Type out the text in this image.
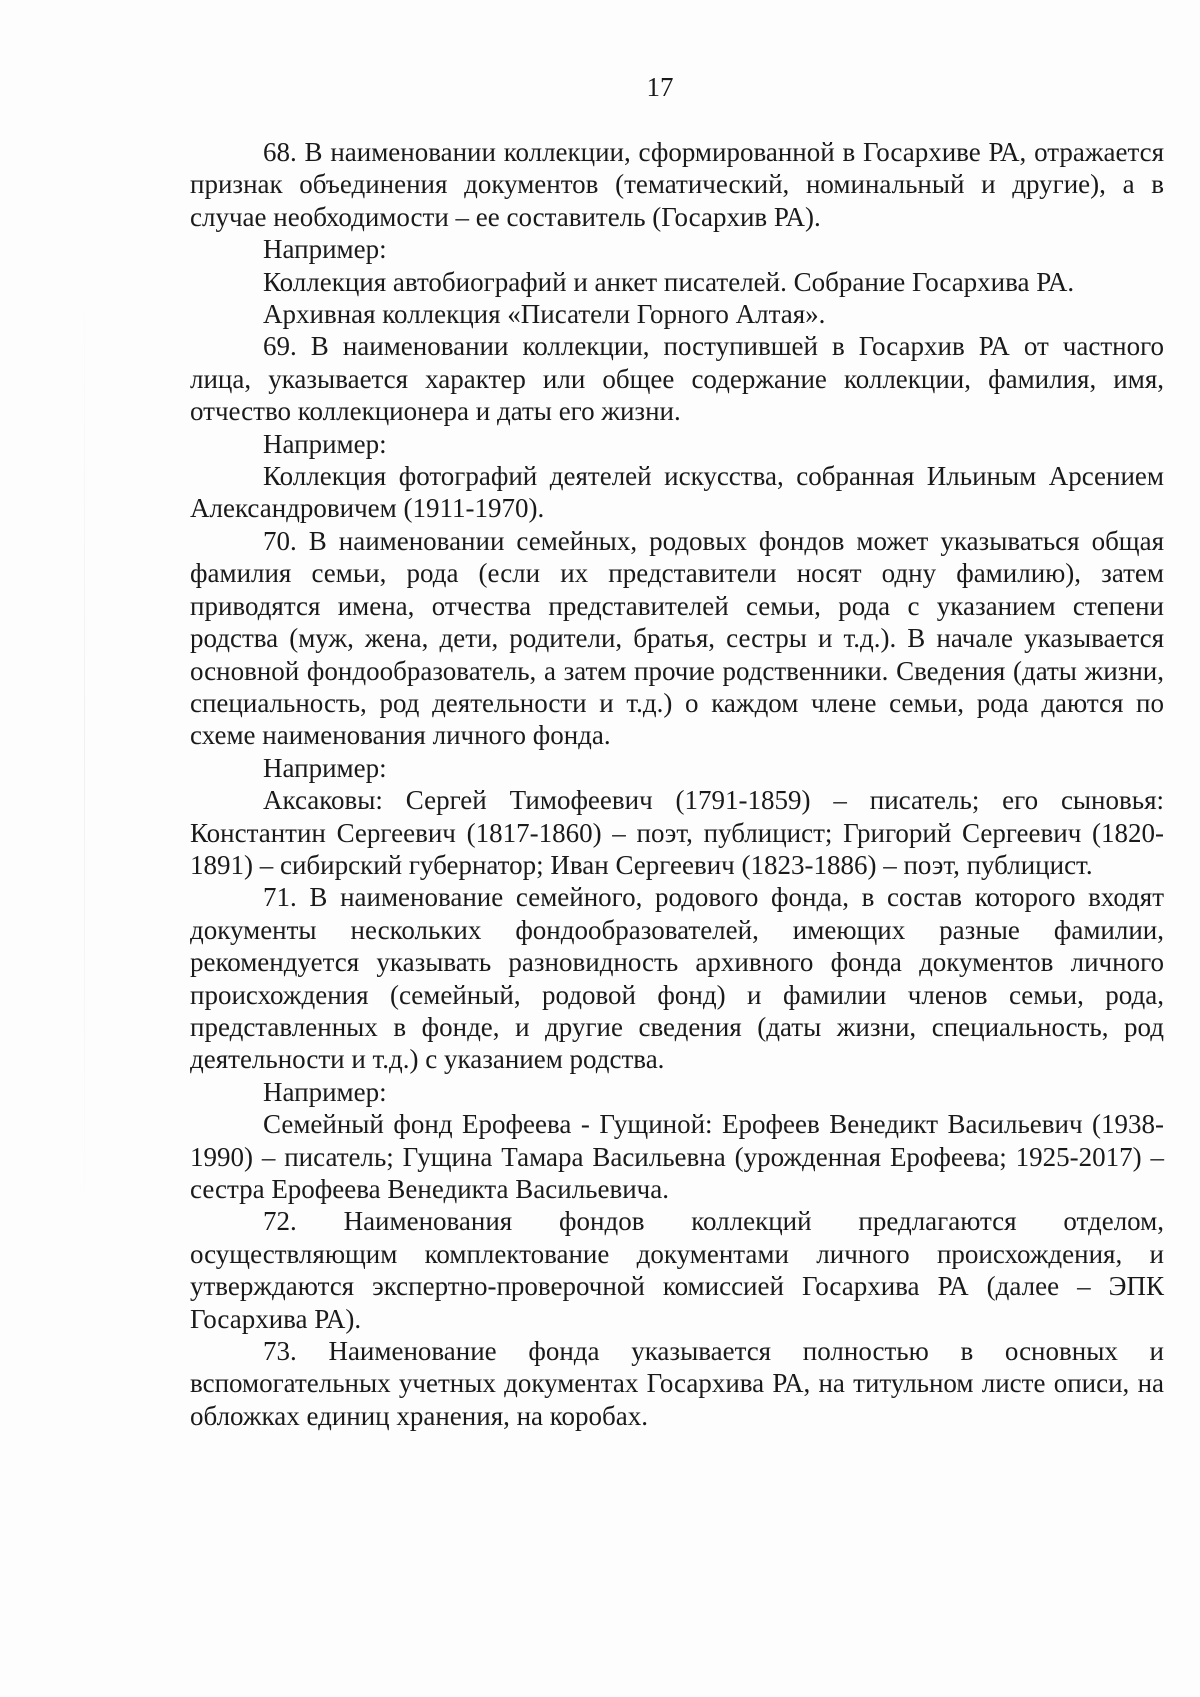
17

68. В наименовании коллекции, сформированной в Госархиве РА, отражается признак объединения документов (тематический, номинальный и другие), а в случае необходимости – ее составитель (Госархив РА).

Например:

Коллекция автобиографий и анкет писателей. Собрание Госархива РА.

Архивная коллекция «Писатели Горного Алтая».

69. В наименовании коллекции, поступившей в Госархив РА от частного лица, указывается характер или общее содержание коллекции, фамилия, имя, отчество коллекционера и даты его жизни.

Например:

Коллекция фотографий деятелей искусства, собранная Ильиным Арсением Александровичем (1911-1970).

70. В наименовании семейных, родовых фондов может указываться общая фамилия семьи, рода (если их представители носят одну фамилию), затем приводятся имена, отчества представителей семьи, рода с указанием степени родства (муж, жена, дети, родители, братья, сестры и т.д.). В начале указывается основной фондообразователь, а затем прочие родственники. Сведения (даты жизни, специальность, род деятельности и т.д.) о каждом члене семьи, рода даются по схеме наименования личного фонда.

Например:

Аксаковы: Сергей Тимофеевич (1791-1859) – писатель; его сыновья: Константин Сергеевич (1817-1860) – поэт, публицист; Григорий Сергеевич (1820-1891) – сибирский губернатор; Иван Сергеевич (1823-1886) – поэт, публицист.

71. В наименование семейного, родового фонда, в состав которого входят документы нескольких фондообразователей, имеющих разные фамилии, рекомендуется указывать разновидность архивного фонда документов личного происхождения (семейный, родовой фонд) и фамилии членов семьи, рода, представленных в фонде, и другие сведения (даты жизни, специальность, род деятельности и т.д.) с указанием родства.

Например:

Семейный фонд Ерофеева - Гущиной: Ерофеев Венедикт Васильевич (1938-1990) – писатель; Гущина Тамара Васильевна (урожденная Ерофеева; 1925-2017) – сестра Ерофеева Венедикта Васильевича.

72. Наименования фондов коллекций предлагаются отделом, осуществляющим комплектование документами личного происхождения, и утверждаются экспертно-проверочной комиссией Госархива РА (далее – ЭПК Госархива РА).

73. Наименование фонда указывается полностью в основных и вспомогательных учетных документах Госархива РА, на титульном листе описи, на обложках единиц хранения, на коробах.
